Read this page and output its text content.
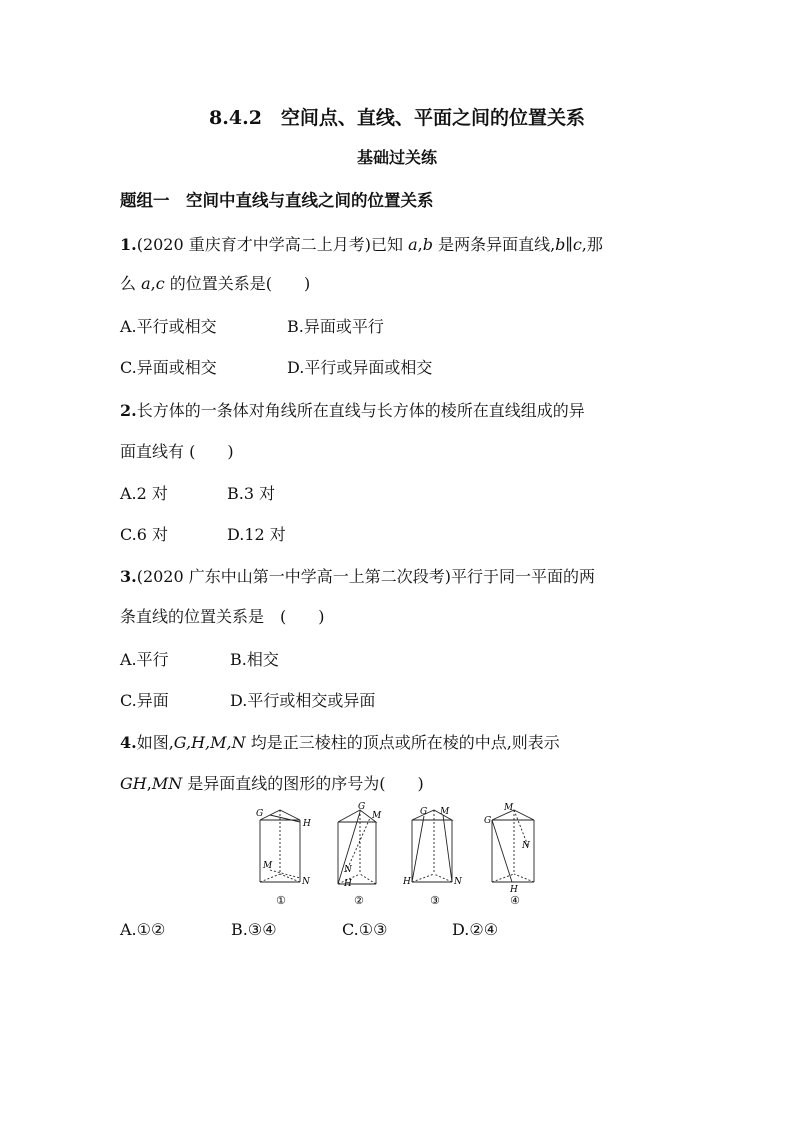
8.4.2　空间点、直线、平面之间的位置关系
基础过关练
题组一　空间中直线与直线之间的位置关系
1.(2020 重庆育才中学高二上月考)已知 a,b 是两条异面直线,b∥c,那
么 a,c 的位置关系是(　　)
A.平行或相交	B.异面或平行
C.异面或相交	D.平行或异面或相交
2.长方体的一条体对角线所在直线与长方体的棱所在直线组成的异
面直线有 (　　)
A.2 对	B.3 对
C.6 对	D.12 对
3.(2020 广东中山第一中学高一上第二次段考)平行于同一平面的两
条直线的位置关系是　(　　)
A.平行	B.相交
C.异面	D.平行或相交或异面
4.如图,G,H,M,N 均是正三棱柱的顶点或所在棱的中点,则表示
GH,MN 是异面直线的图形的序号为(　　)
G
H
M
N
G
M
H
N
G M
H	N
G
M
N
H
①	②	③	④
A.①②	B.③④	C.①③	D.②④
